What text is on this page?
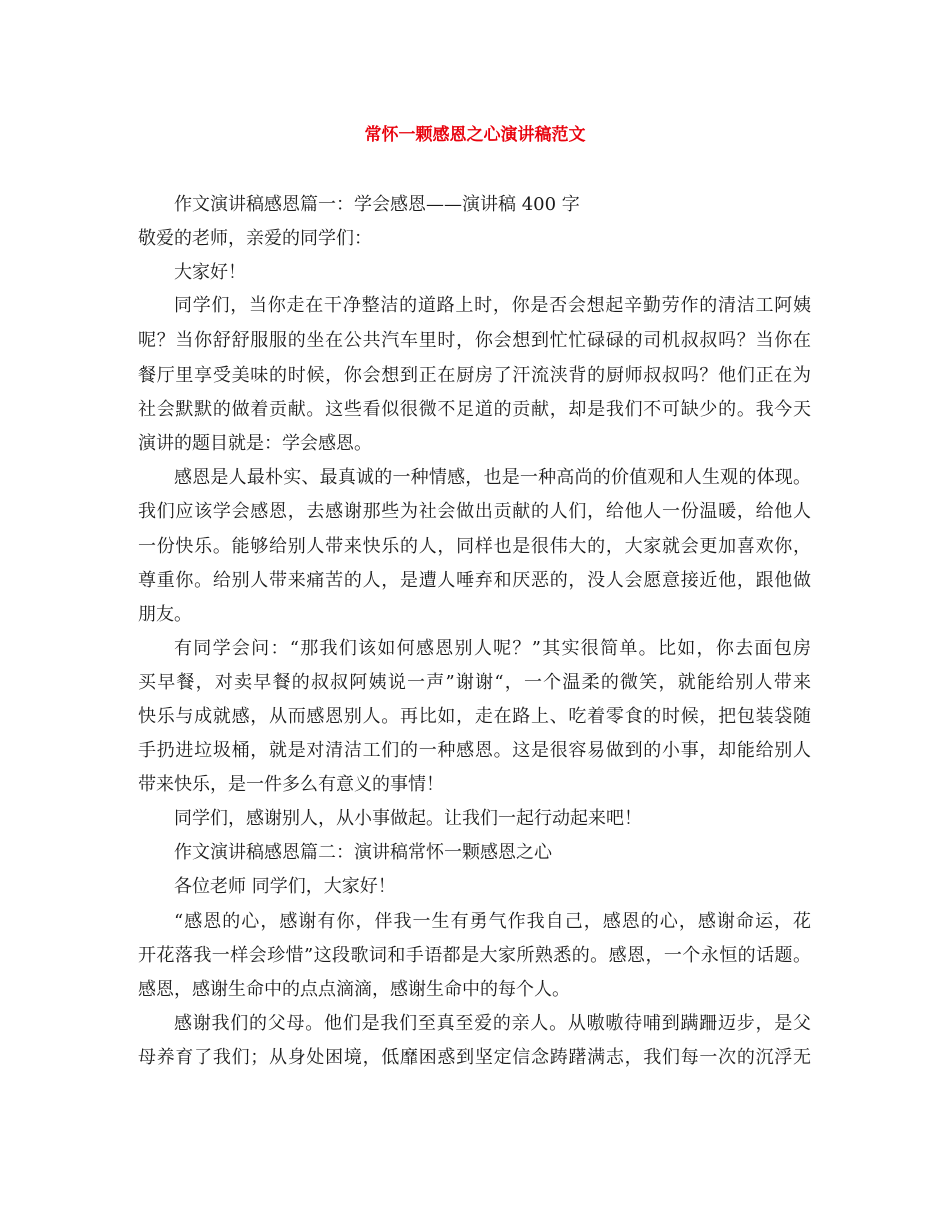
常怀一颗感恩之心演讲稿范文

作文演讲稿感恩篇一：学会感恩——演讲稿 400 字

敬爱的老师，亲爱的同学们：

大家好！

同学们，当你走在干净整洁的道路上时，你是否会想起辛勤劳作的清洁工阿姨

呢？当你舒舒服服的坐在公共汽车里时，你会想到忙忙碌碌的司机叔叔吗？当你在

餐厅里享受美味的时候，你会想到正在厨房了汗流浃背的厨师叔叔吗？他们正在为

社会默默的做着贡献。这些看似很微不足道的贡献，却是我们不可缺少的。我今天

演讲的题目就是：学会感恩。

感恩是人最朴实、最真诚的一种情感，也是一种高尚的价值观和人生观的体现。

我们应该学会感恩，去感谢那些为社会做出贡献的人们，给他人一份温暖，给他人

一份快乐。能够给别人带来快乐的人，同样也是很伟大的，大家就会更加喜欢你，

尊重你。给别人带来痛苦的人，是遭人唾弃和厌恶的，没人会愿意接近他，跟他做

朋友。

有同学会问：“那我们该如何感恩别人呢？”其实很简单。比如，你去面包房

买早餐，对卖早餐的叔叔阿姨说一声”谢谢“，一个温柔的微笑，就能给别人带来

快乐与成就感，从而感恩别人。再比如，走在路上、吃着零食的时候，把包装袋随

手扔进垃圾桶，就是对清洁工们的一种感恩。这是很容易做到的小事，却能给别人

带来快乐，是一件多么有意义的事情！

同学们，感谢别人，从小事做起。让我们一起行动起来吧！

作文演讲稿感恩篇二：演讲稿常怀一颗感恩之心

各位老师 同学们，大家好！

“感恩的心，感谢有你，伴我一生有勇气作我自己，感恩的心，感谢命运，花

开花落我一样会珍惜”这段歌词和手语都是大家所熟悉的。感恩，一个永恒的话题。

感恩，感谢生命中的点点滴滴，感谢生命中的每个人。

感谢我们的父母。他们是我们至真至爱的亲人。从嗷嗷待哺到蹒跚迈步，是父

母养育了我们；从身处困境，低靡困惑到坚定信念踌躇满志，我们每一次的沉浮无
